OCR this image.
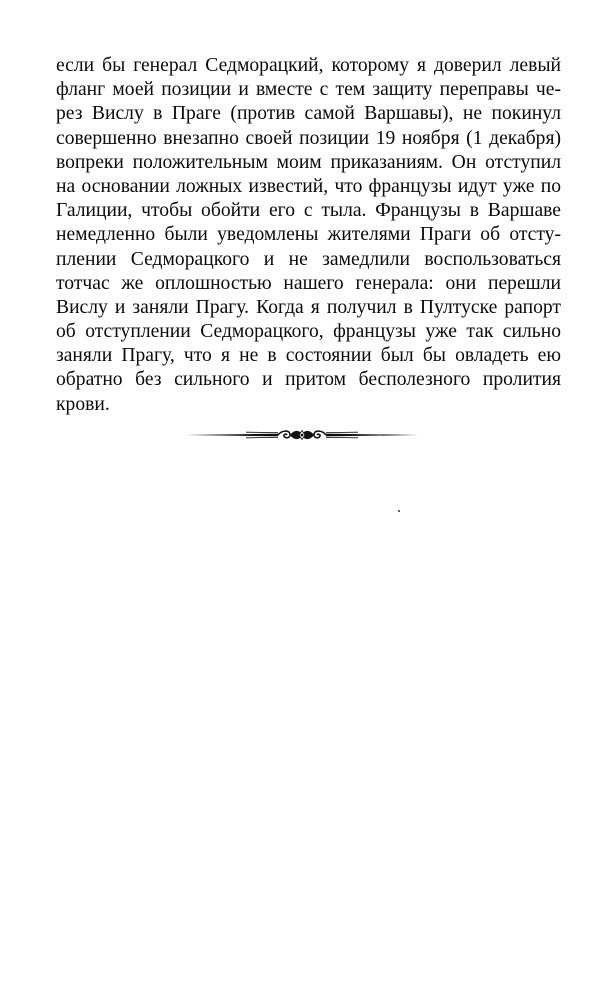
если бы генерал Седморацкий, которому я доверил левый
фланг моей позиции и вместе с тем защиту переправы че-
рез Вислу в Праге (против самой Варшавы), не покинул
совершенно внезапно своей позиции 19 ноября (1 декабря)
вопреки положительным моим приказаниям. Он отступил
на основании ложных известий, что французы идут уже по
Галиции, чтобы обойти его с тыла. Французы в Варшаве
немедленно были уведомлены жителями Праги об отсту-
плении Седморацкого и не замедлили воспользоваться
тотчас же оплошностью нашего генерала: они перешли
Вислу и заняли Прагу. Когда я получил в Пултуске рапорт
об отступлении Седморацкого, французы уже так сильно
заняли Прагу, что я не в состоянии был бы овладеть ею
обратно без сильного и притом бесполезного пролития
крови.
